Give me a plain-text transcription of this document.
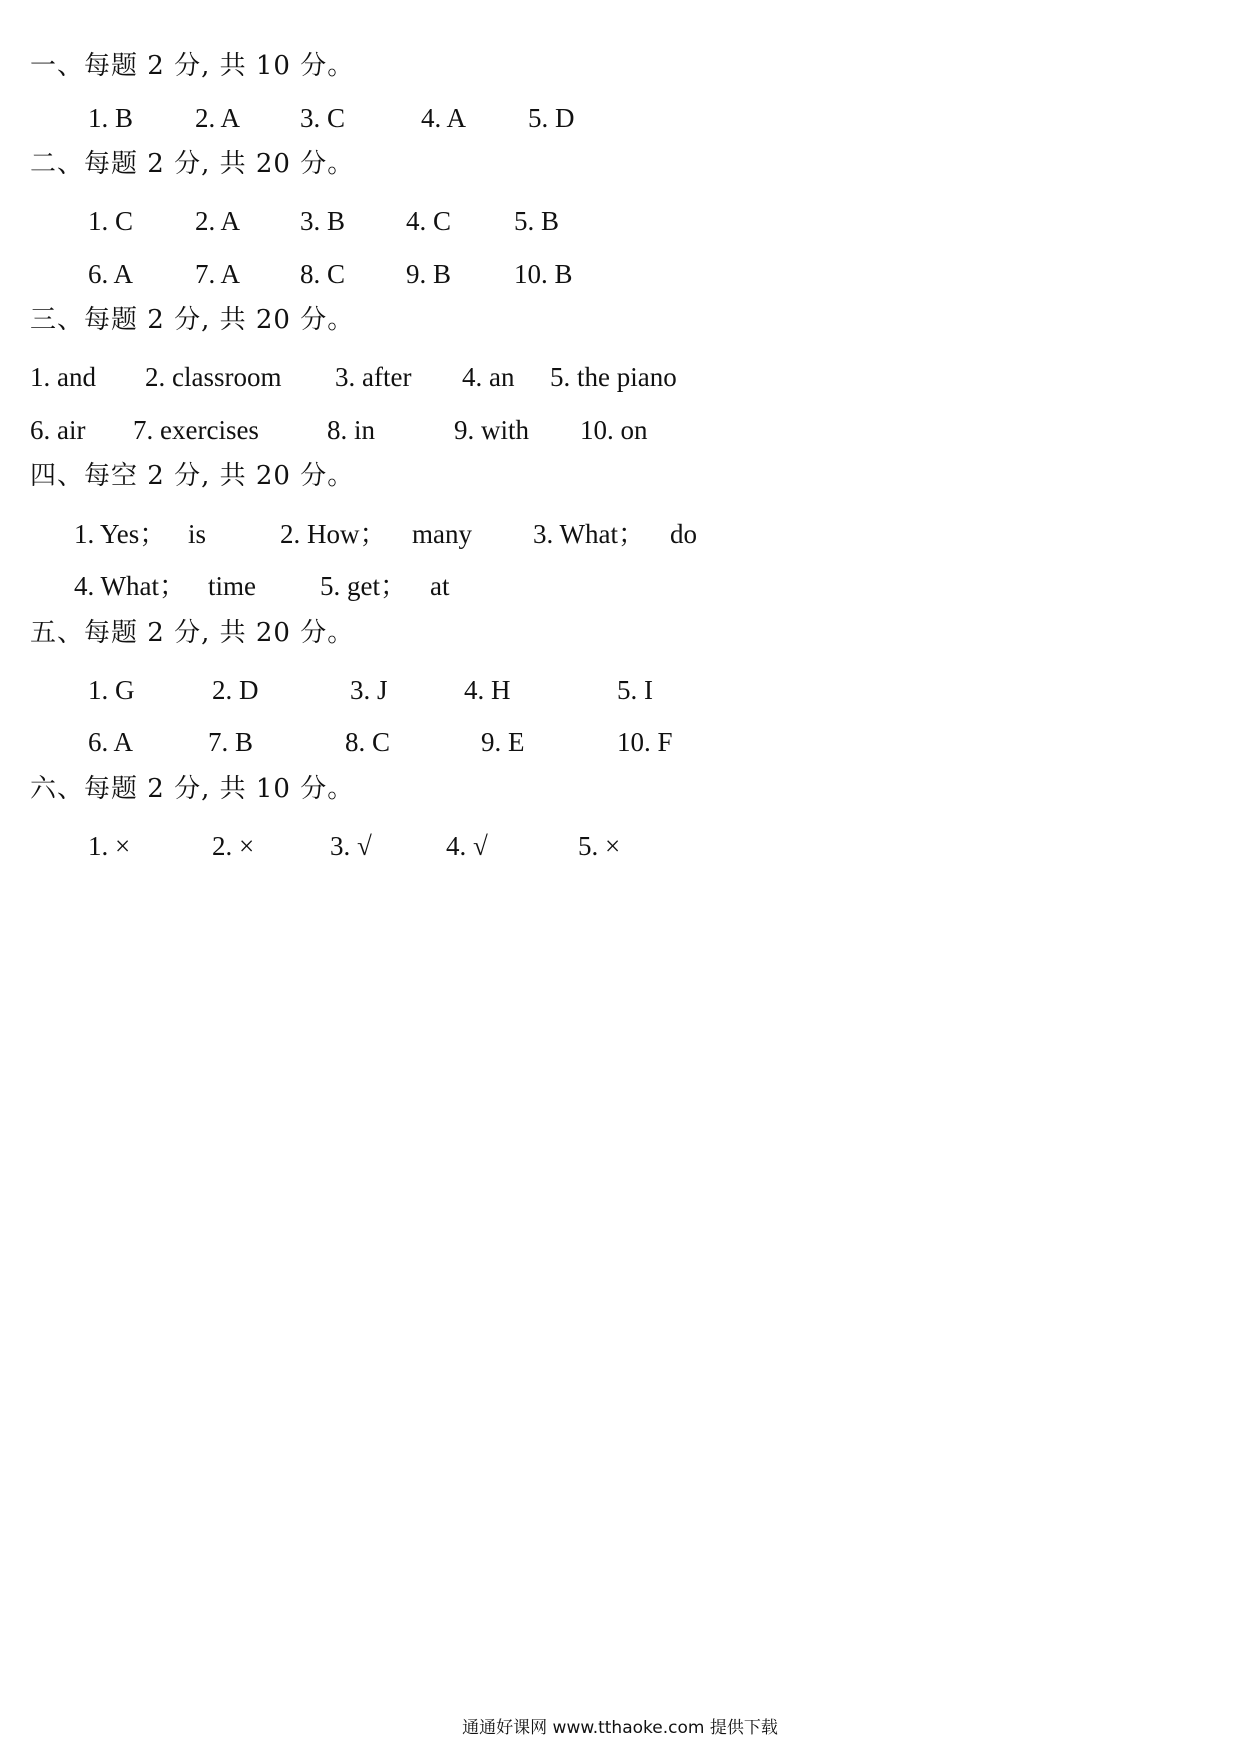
一、每题 2 分, 共 10 分。
1. B 2. A 3. C	4. A 5. D
二、每题 2 分, 共 20 分。
1. C 2. A 3. B 4. C 5. B
6. A 7. A 8. C 9. B 10. B
三、每题 2 分, 共 20 分。
1. and 2. classroom 3. after 4. an 5. the piano
6. air 7. exercises	8. in	9. with 10. on
四、每空 2 分, 共 20 分。
1. Yes； is	2. How； many 3. What； do
4. What； time 5. get； at
五、每题 2 分, 共 20 分。
1. G	2. D	3. J	4. H	5. I
6. A	7. B	8. C	9. E	10. F
六、每题 2 分, 共 10 分。
1. ×	2. ×	3. √	4. √	5. ×
通通好课网 www.tthaoke.com 提供下载
